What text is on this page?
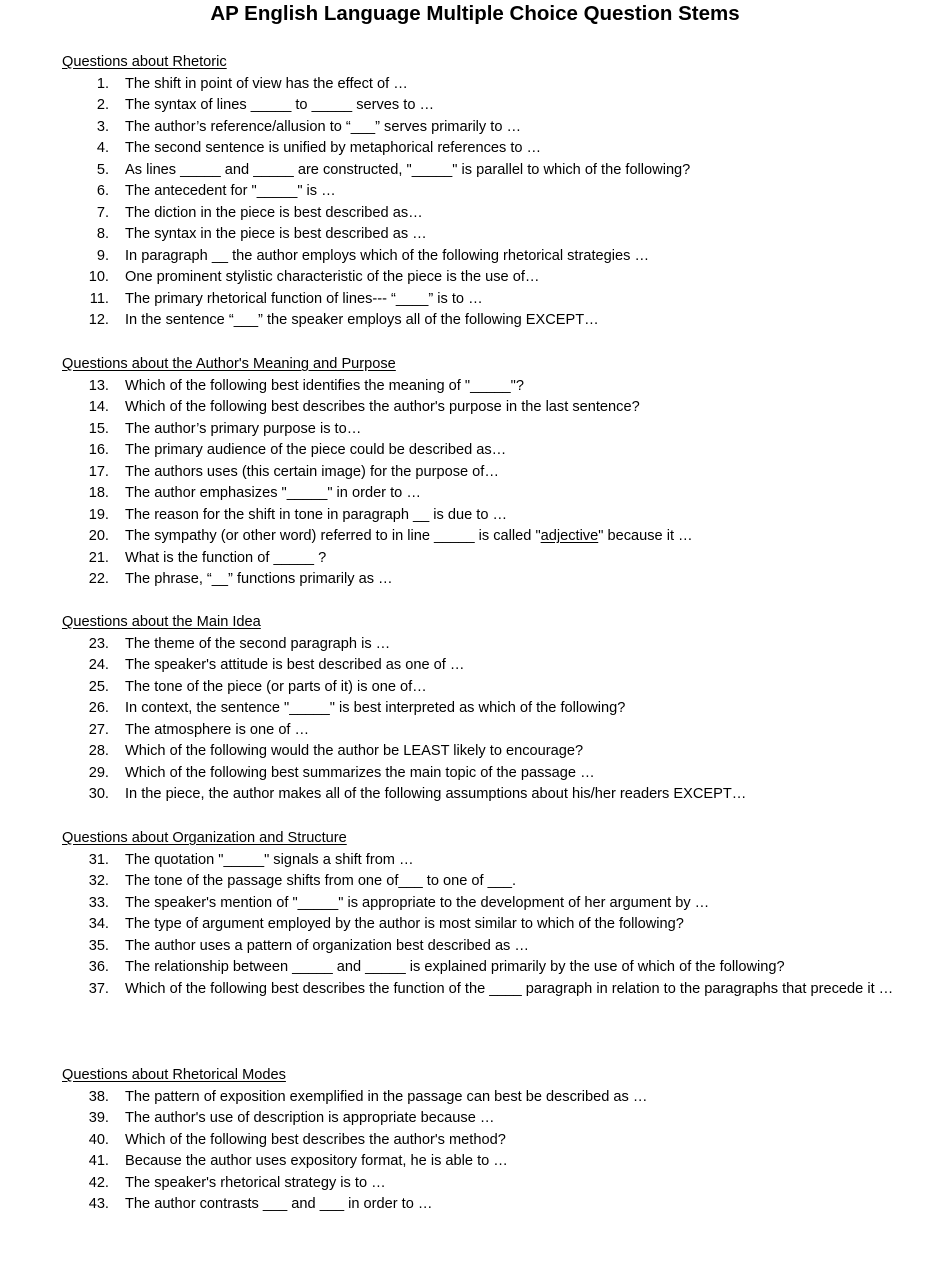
AP English Language Multiple Choice Question Stems
Questions about Rhetoric
1. The shift in point of view has the effect of …
2. The syntax of lines _____ to _____ serves to …
3. The author’s reference/allusion to “___” serves primarily to …
4. The second sentence is unified by metaphorical references to …
5. As lines _____ and _____ are constructed, "_____" is parallel to which of the following?
6. The antecedent for "_____" is …
7. The diction in the piece is best described as…
8. The syntax in the piece is best described as …
9. In paragraph __ the author employs which of the following rhetorical strategies …
10. One prominent stylistic characteristic of the piece is the use of…
11. The primary rhetorical function of lines--- “____” is to …
12. In the sentence “___” the speaker employs all of the following EXCEPT…
Questions about the Author's Meaning and Purpose
13. Which of the following best identifies the meaning of "_____"?
14. Which of the following best describes the author's purpose in the last sentence?
15. The author’s primary purpose is to…
16. The primary audience of the piece could be described as…
17. The authors uses (this certain image) for the purpose of…
18. The author emphasizes "_____" in order to …
19. The reason for the shift in tone in paragraph __ is due to …
20. The sympathy (or other word) referred to in line _____ is called "adjective" because it …
21. What is the function of _____ ?
22. The phrase, “__” functions primarily as …
Questions about the Main Idea
23. The theme of the second paragraph is …
24. The speaker's attitude is best described as one of …
25. The tone of the piece (or parts of it) is one of…
26. In context, the sentence "_____" is best interpreted as which of the following?
27. The atmosphere is one of …
28. Which of the following would the author be LEAST likely to encourage?
29. Which of the following best summarizes the main topic of the passage …
30. In the piece, the author makes all of the following assumptions about his/her readers EXCEPT…
Questions about Organization and Structure
31. The quotation "_____" signals a shift from …
32. The tone of the passage shifts from one of___ to one of ___.
33. The speaker's mention of "_____" is appropriate to the development of her argument by …
34. The type of argument employed by the author is most similar to which of the following?
35. The author uses a pattern of organization best described as …
36. The relationship between _____ and _____ is explained primarily by the use of which of the following?
37. Which of the following best describes the function of the ____ paragraph in relation to the paragraphs that precede it …
Questions about Rhetorical Modes
38. The pattern of exposition exemplified in the passage can best be described as …
39. The author's use of description is appropriate because …
40. Which of the following best describes the author's method?
41. Because the author uses expository format, he is able to …
42. The speaker's rhetorical strategy is to …
43. The author contrasts ___ and ___ in order to …
